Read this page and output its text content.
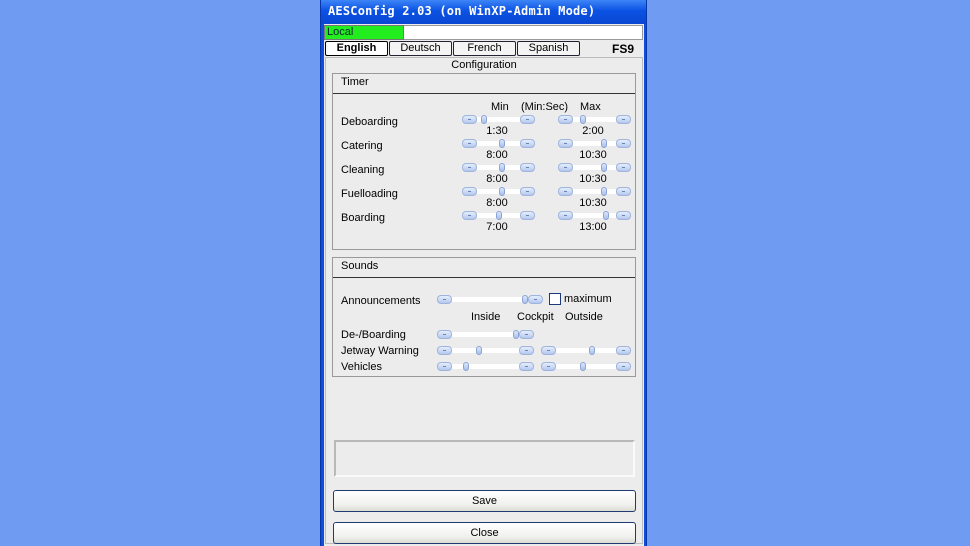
AESConfig 2.03 (on WinXP-Admin Mode)
Local
English	Deutsch	French	Spanish	FS9
Configuration
Timer
Min (Min:Sec) Max
Deboarding
1:30	2:00
Catering
8:00	10:30
Cleaning
8:00	10:30
Fuelloading
8:00	10:30
Boarding
7:00	13:00
Sounds
Announcements	maximum
Inside Cockpit Outside
De-/Boarding
Jetway Warning
Vehicles
Save
Close
